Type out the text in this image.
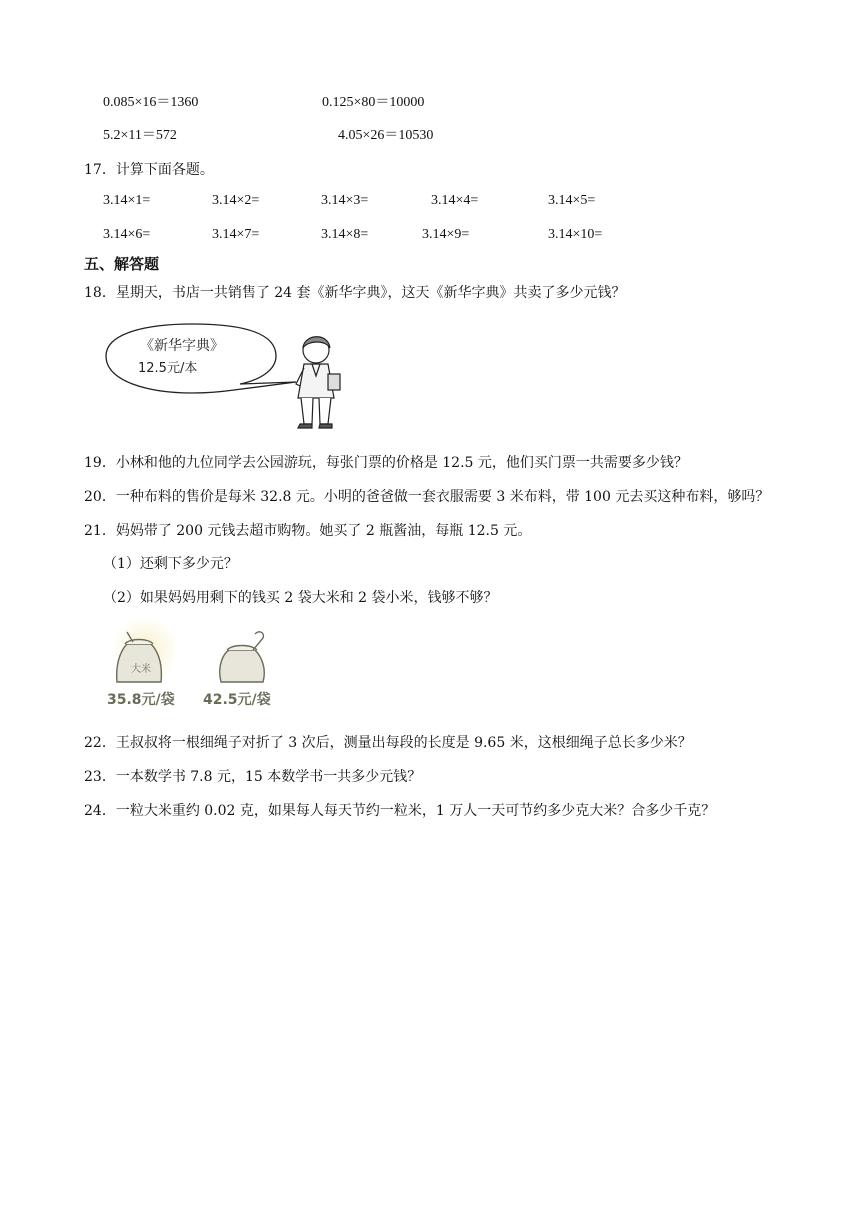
0.085×16＝1360	0.125×80＝10000
5.2×11＝572	4.05×26＝10530
17．计算下面各题。
3.14×1=	3.14×2=	3.14×3=	3.14×4=	3.14×5=
3.14×6=	3.14×7=	3.14×8=	3.14×9=	3.14×10=
五、解答题
18．星期天，书店一共销售了 24 套《新华字典》，这天《新华字典》共卖了多少元钱？
《新华字典》
12.5元/本
19．小林和他的九位同学去公园游玩，每张门票的价格是 12.5 元，他们买门票一共需要多少钱？
20．一种布料的售价是每米 32.8 元。小明的爸爸做一套衣服需要 3 米布料，带 100 元去买这种布料，够吗？
21．妈妈带了 200 元钱去超市购物。她买了 2 瓶酱油，每瓶 12.5 元。
（1）还剩下多少元？
（2）如果妈妈用剩下的钱买 2 袋大米和 2 袋小米，钱够不够？
大米
35.8元/袋 42.5元/袋
22．王叔叔将一根细绳子对折了 3 次后，测量出每段的长度是 9.65 米，这根细绳子总长多少米？
23．一本数学书 7.8 元，15 本数学书一共多少元钱？
24．一粒大米重约 0.02 克，如果每人每天节约一粒米，1 万人一天可节约多少克大米？合多少千克？
